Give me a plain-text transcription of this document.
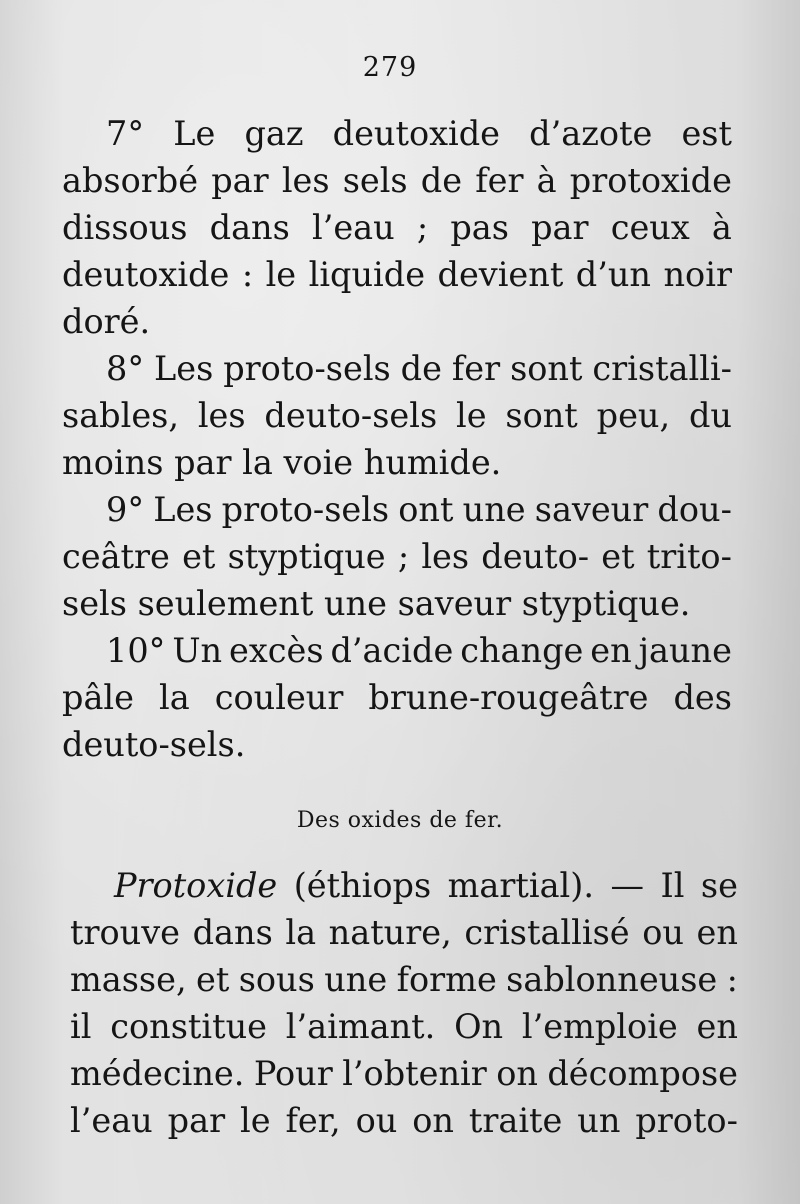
279
7° Le gaz deutoxide d’azote est
absorbé par les sels de fer à protoxide
dissous dans l’eau ; pas par ceux à
deutoxide : le liquide devient d’un noir
doré.
8° Les proto-sels de fer sont cristalli-
sables, les deuto-sels le sont peu, du
moins par la voie humide.
9° Les proto-sels ont une saveur dou-
ceâtre et styptique ; les deuto- et trito-
sels seulement une saveur styptique.
10° Un excès d’acide change en jaune
pâle la couleur brune-rougeâtre des
deuto-sels.
Des oxides de fer.
Protoxide (éthiops martial). — Il se
trouve dans la nature, cristallisé ou en
masse, et sous une forme sablonneuse :
il constitue l’aimant. On l’emploie en
médecine. Pour l’obtenir on décompose
l’eau par le fer, ou on traite un proto-
